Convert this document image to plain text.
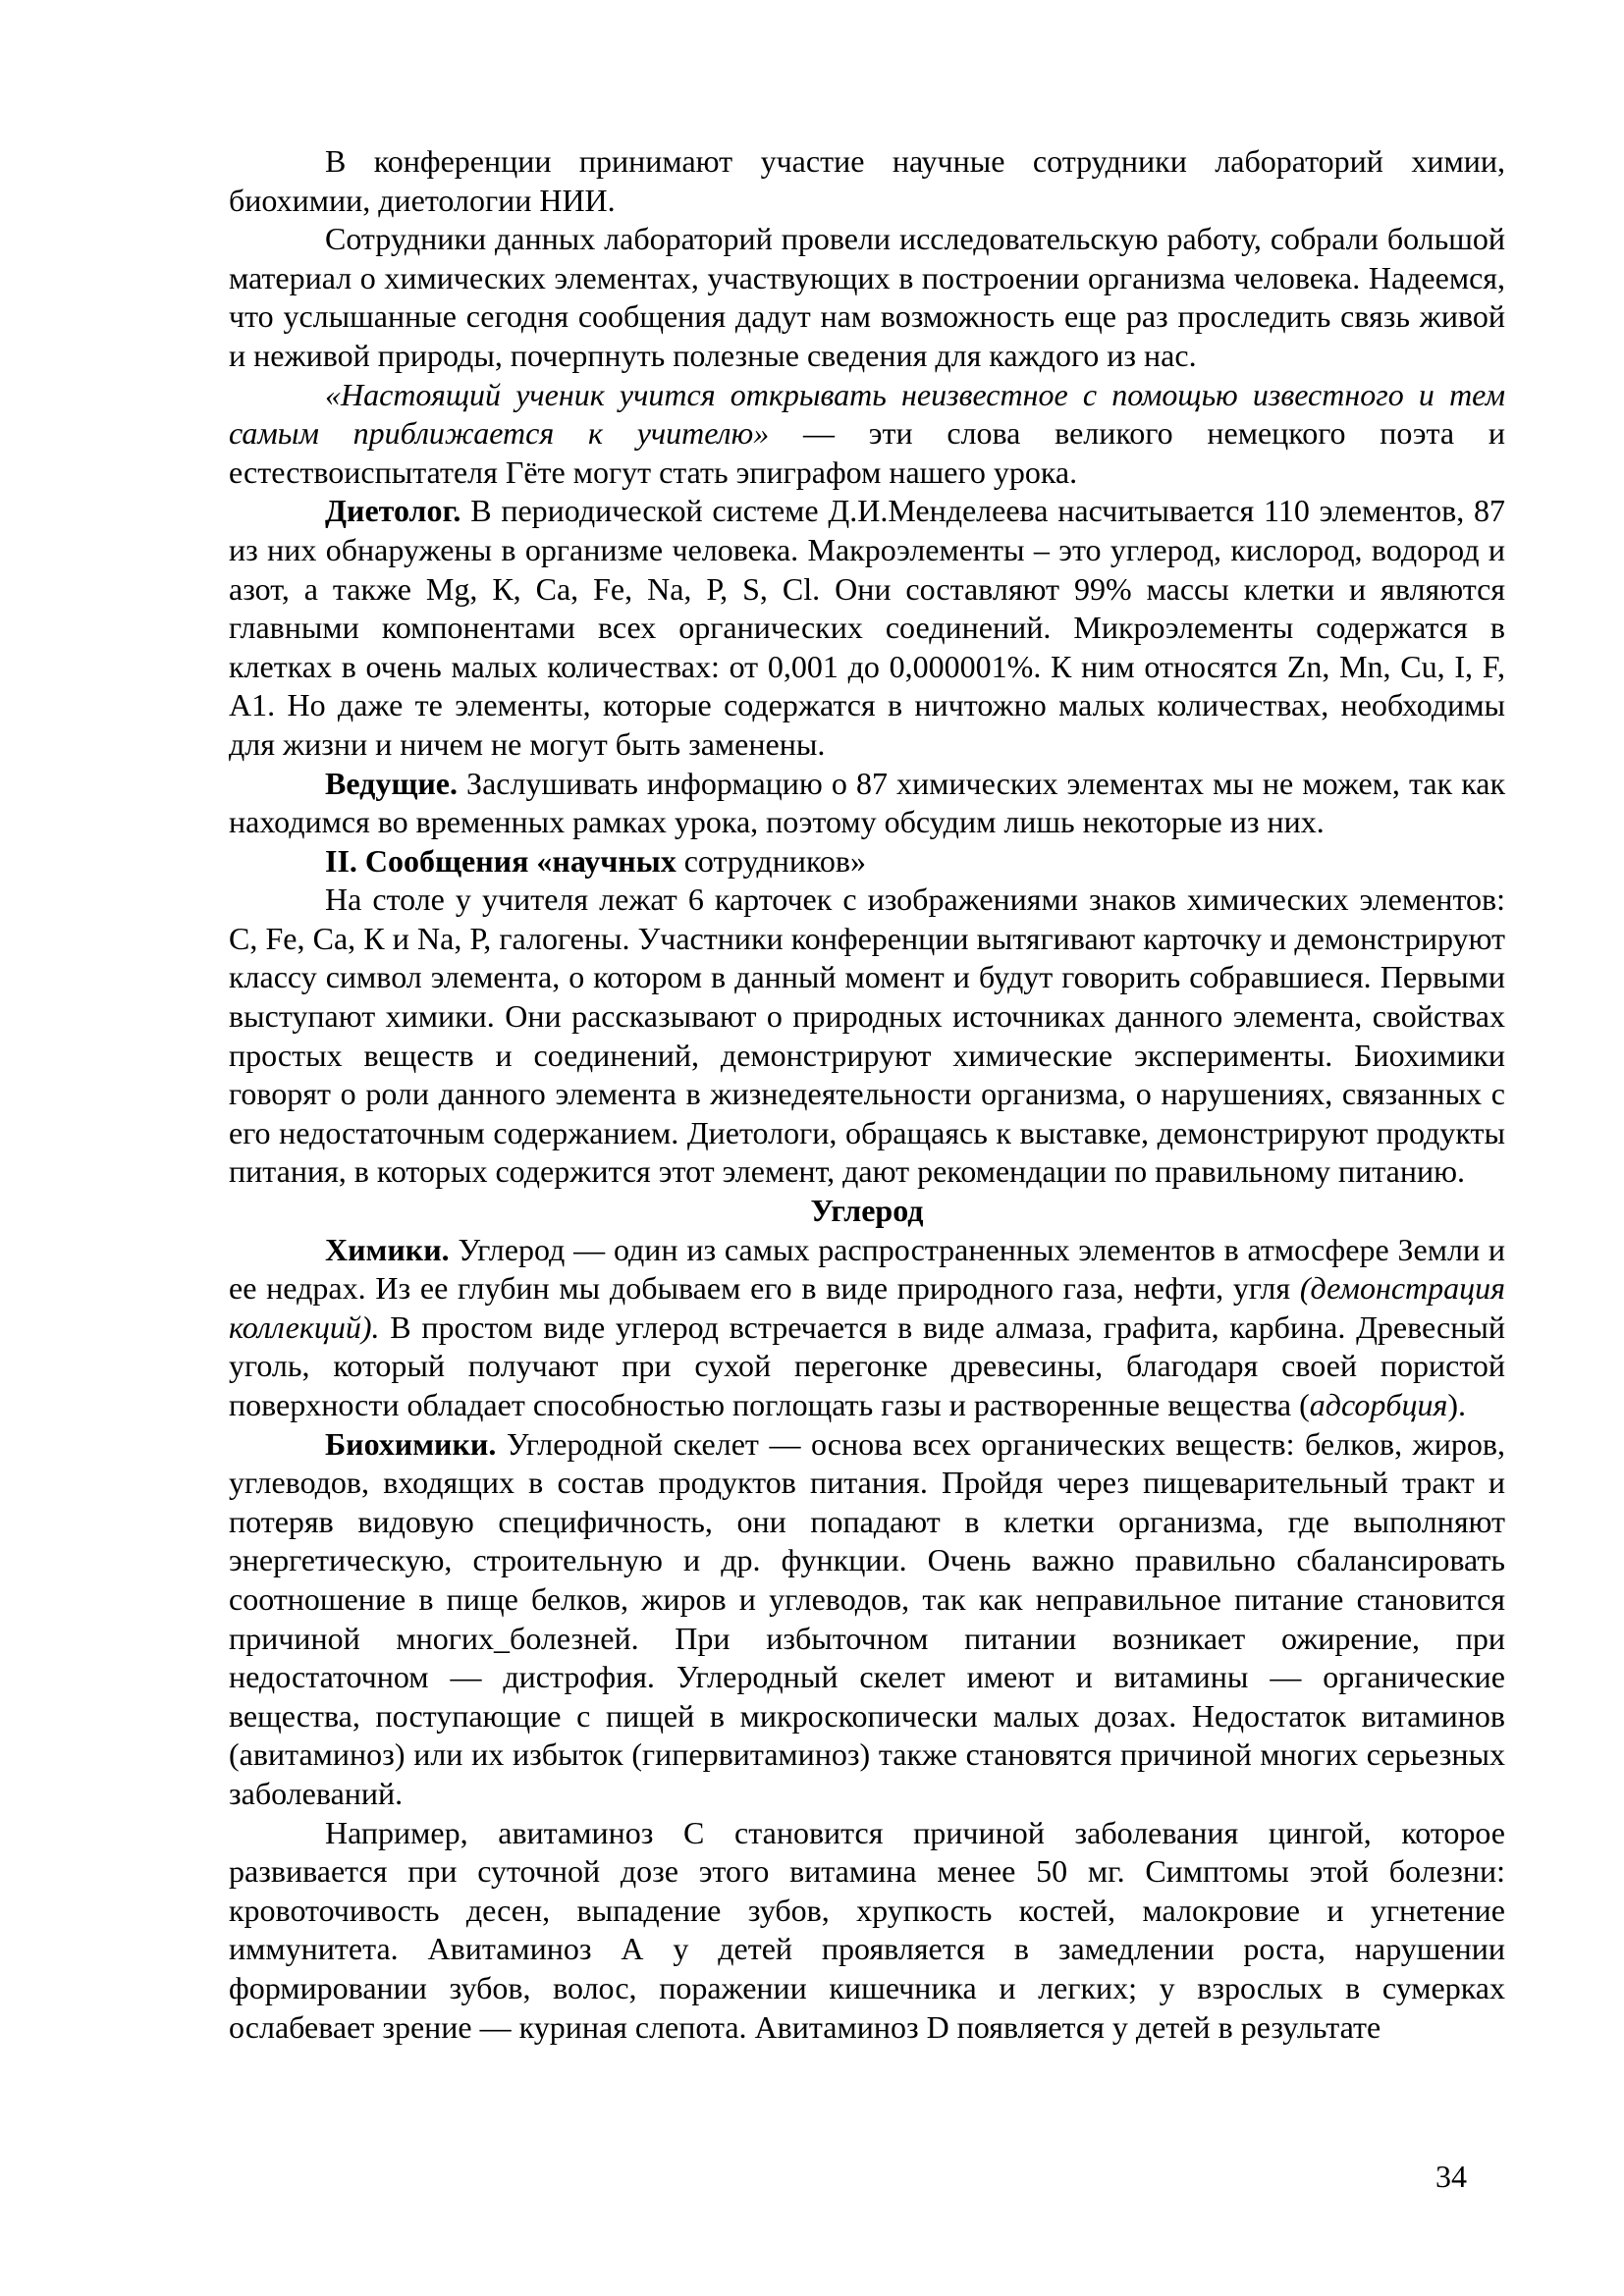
В конференции принимают участие научные сотрудники лабораторий химии, биохимии, диетологии НИИ.

Сотрудники данных лабораторий провели исследовательскую работу, собрали большой материал о химических элементах, участвующих в построении организма человека. Надеемся, что услышанные сегодня сообщения дадут нам возможность еще раз проследить связь живой и неживой природы, почерпнуть полезные сведения для каждого из нас.

«Настоящий ученик учится открывать неизвестное с помощью известного и тем самым приближается к учителю» — эти слова великого немецкого поэта и естествоиспытателя Гёте могут стать эпиграфом нашего урока.

Диетолог. В периодической системе Д.И.Менделеева насчитывается 110 элементов, 87 из них обнаружены в организме человека. Макроэлементы – это углерод, кислород, водород и азот, а также Mg, К, Са, Fe, Na, Р, S, Cl. Они составляют 99% массы клетки и являются главными компонентами всех органических соединений. Микроэлементы содержатся в клетках в очень малых количествах: от 0,001 до 0,000001%. К ним относятся Zn, Mn, Cu, I, F, А1. Но даже те элементы, которые содержатся в ничтожно малых количествах, необходимы для жизни и ничем не могут быть заменены.

Ведущие. Заслушивать информацию о 87 химических элементах мы не можем, так как находимся во временных рамках урока, поэтому обсудим лишь некоторые из них.

II. Сообщения «научных сотрудников»

На столе у учителя лежат 6 карточек с изображениями знаков химических элементов: С, Fe, Са, К и Na, Р, галогены. Участники конференции вытягивают карточку и демонстрируют классу символ элемента, о котором в данный момент и будут говорить собравшиеся. Первыми выступают химики. Они рассказывают о природных источниках данного элемента, свойствах простых веществ и соединений, демонстрируют химические эксперименты. Биохимики говорят о роли данного элемента в жизнедеятельности организма, о нарушениях, связанных с его недостаточным содержанием. Диетологи, обращаясь к выставке, демонстрируют продукты питания, в которых содержится этот элемент, дают рекомендации по правильному питанию.

Углерод

Химики. Углерод — один из самых распространенных элементов в атмосфере Земли и ее недрах. Из ее глубин мы добываем его в виде природного газа, нефти, угля (демонстрация коллекций). В простом виде углерод встречается в виде алмаза, графита, карбина. Древесный уголь, который получают при сухой перегонке древесины, благодаря своей пористой поверхности обладает способностью поглощать газы и растворенные вещества (адсорбция).

Биохимики. Углеродной скелет — основа всех органических веществ: белков, жиров, углеводов, входящих в состав продуктов питания. Пройдя через пищеварительный тракт и потеряв видовую специфичность, они попадают в клетки организма, где выполняют энергетическую, строительную и др. функции. Очень важно правильно сбалансировать соотношение в пище белков, жиров и углеводов, так как неправильное питание становится причиной многих_болезней. При избыточном питании возникает ожирение, при недостаточном — дистрофия. Углеродный скелет имеют и витамины — органические вещества, поступающие с пищей в микроскопически малых дозах. Недостаток витаминов (авитаминоз) или их избыток (гипервитаминоз) также становятся причиной многих серьезных заболеваний.

Например, авитаминоз С становится причиной заболевания цингой, которое развивается при суточной дозе этого витамина менее 50 мг. Симптомы этой болезни: кровоточивость десен, выпадение зубов, хрупкость костей, малокровие и угнетение иммунитета. Авитаминоз А у детей проявляется в замедлении роста, нарушении формировании зубов, волос, поражении кишечника и легких; у взрослых в сумерках ослабевает зрение — куриная слепота. Авитаминоз D появляется у детей в результате

34
